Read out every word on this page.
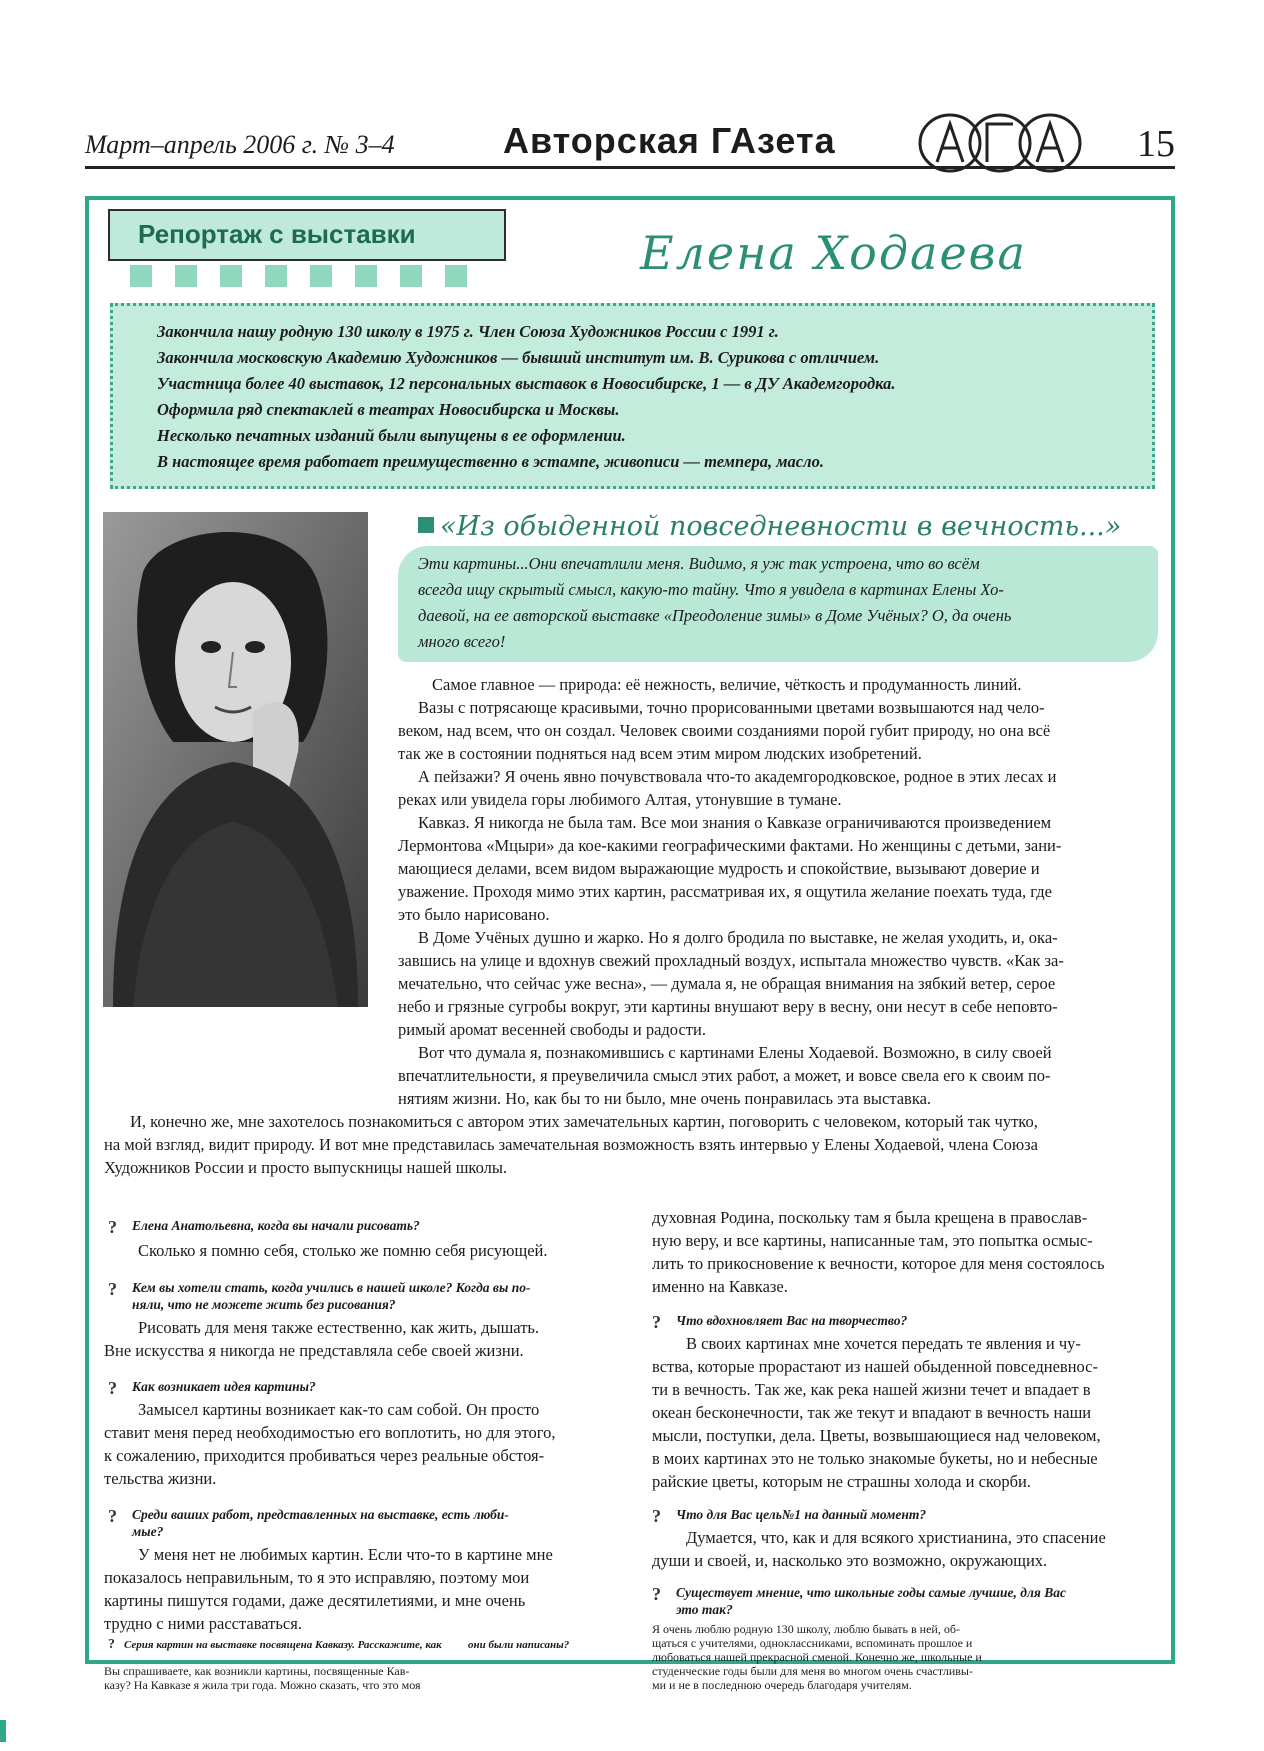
Март–апрель 2006 г. № 3–4	Авторская ГАзета	15
Репортаж с выставки	Елена Ходаева

Закончила нашу родную 130 школу в 1975 г. Член Союза Художников России с 1991 г.

Закончила московскую Академию Художников — бывший институт им. В. Сурикова с отличием.

Участница более 40 выставок, 12 персональных выставок в Новосибирске, 1 — в ДУ Академгородка.

Оформила ряд спектаклей в театрах Новосибирска и Москвы.

Несколько печатных изданий были выпущены в ее оформлении.

В настоящее время работает преимущественно в эстампе, живописи — темпера, масло.

«Из обыденной повседневности в вечность...»

Эти картины...Они впечатлили меня. Видимо, я уж так устроена, что во всём

всегда ищу скрытый смысл, какую-то тайну. Что я увидела в картинах Елены Хо-

даевой, на ее авторской выставке «Преодоление зимы» в Доме Учёных? О, да очень

много всего!

Самое главное — природа: её нежность, величие, чёткость и продуманность линий.

Вазы с потрясающе красивыми, точно прорисованными цветами возвышаются над чело-

веком, над всем, что он создал. Человек своими созданиями порой губит природу, но она всё

так же в состоянии подняться над всем этим миром людских изобретений.

А пейзажи? Я очень явно почувствовала что-то академгородковское, родное в этих лесах и

реках или увидела горы любимого Алтая, утонувшие в тумане.

Кавказ. Я никогда не была там. Все мои знания о Кавказе ограничиваются произведением

Лермонтова «Мцыри» да кое-какими географическими фактами. Но женщины с детьми, зани-

мающиеся делами, всем видом выражающие мудрость и спокойствие, вызывают доверие и

уважение. Проходя мимо этих картин, рассматривая их, я ощутила желание поехать туда, где

это было нарисовано.

В Доме Учёных душно и жарко. Но я долго бродила по выставке, не желая уходить, и, ока-

завшись на улице и вдохнув свежий прохладный воздух, испытала множество чувств. «Как за-

мечательно, что сейчас уже весна», — думала я, не обращая внимания на зябкий ветер, серое

небо и грязные сугробы вокруг, эти картины внушают веру в весну, они несут в себе неповто-

римый аромат весенней свободы и радости.

Вот что думала я, познакомившись с картинами Елены Ходаевой. Возможно, в силу своей

впечатлительности, я преувеличила смысл этих работ, а может, и вовсе свела его к своим по-

нятиям жизни. Но, как бы то ни было, мне очень понравилась эта выставка.

И, конечно же, мне захотелось познакомиться с автором этих замечательных картин, поговорить с человеком, который так чутко,

на мой взгляд, видит природу. И вот мне представилась замечательная возможность взять интервью у Елены Ходаевой, члена Союза

Художников России и просто выпускницы нашей школы.

? Елена Анатольевна, когда вы начали рисовать?

Сколько я помню себя, столько же помню себя рисующей.

? Кем вы хотели стать, когда учились в нашей школе? Когда вы по-

няли, что не можете жить без рисования?

Рисовать для меня также естественно, как жить, дышать.

Вне искусства я никогда не представляла себе своей жизни.

? Как возникает идея картины?

Замысел картины возникает как-то сам собой. Он просто

ставит меня перед необходимостью его воплотить, но для этого,

к сожалению, приходится пробиваться через реальные обстоя-

тельства жизни.

? Среди ваших работ, представленных на выставке, есть люби-

мые?

У меня нет не любимых картин. Если что-то в картине мне

показалось неправильным, то я это исправляю, поэтому мои

картины пишутся годами, даже десятилетиями, и мне очень

трудно с ними расставаться.

духовная Родина, поскольку там я была крещена в православ-

ную веру, и все картины, написанные там, это попытка осмыс-

лить то прикосновение к вечности, которое для меня состоялось

именно на Кавказе.

? Что вдохновляет Вас на творчество?

В своих картинах мне хочется передать те явления и чу-

вства, которые прорастают из нашей обыденной повседневнос-

ти в вечность. Так же, как река нашей жизни течет и впадает в

океан бесконечности, так же текут и впадают в вечность наши

мысли, поступки, дела. Цветы, возвышающиеся над человеком,

в моих картинах это не только знакомые букеты, но и небесные

райские цветы, которым не страшны холода и скорби.

? Что для Вас цель№1 на данный момент?

Думается, что, как и для всякого христианина, это спасение

души и своей, и, насколько это возможно, окружающих.

? Существует мнение, что школьные годы самые лучшие, для Вас

это так?

? Серия картин на выставке посвящена Кавказу. Расскажите, как они были написаны?

Я очень люблю родную 130 школу, люблю бывать в ней, об-

щаться с учителями, одноклассниками, вспоминать прошлое и

любоваться нашей прекрасной сменой. Конечно же, школьные и

студенческие годы были для меня во многом очень счастливы-

ми и не в последнюю очередь благодаря учителям.

Вы спрашиваете, как возникли картины, посвященные Кав-

казу? На Кавказе я жила три года. Можно сказать, что это моя
